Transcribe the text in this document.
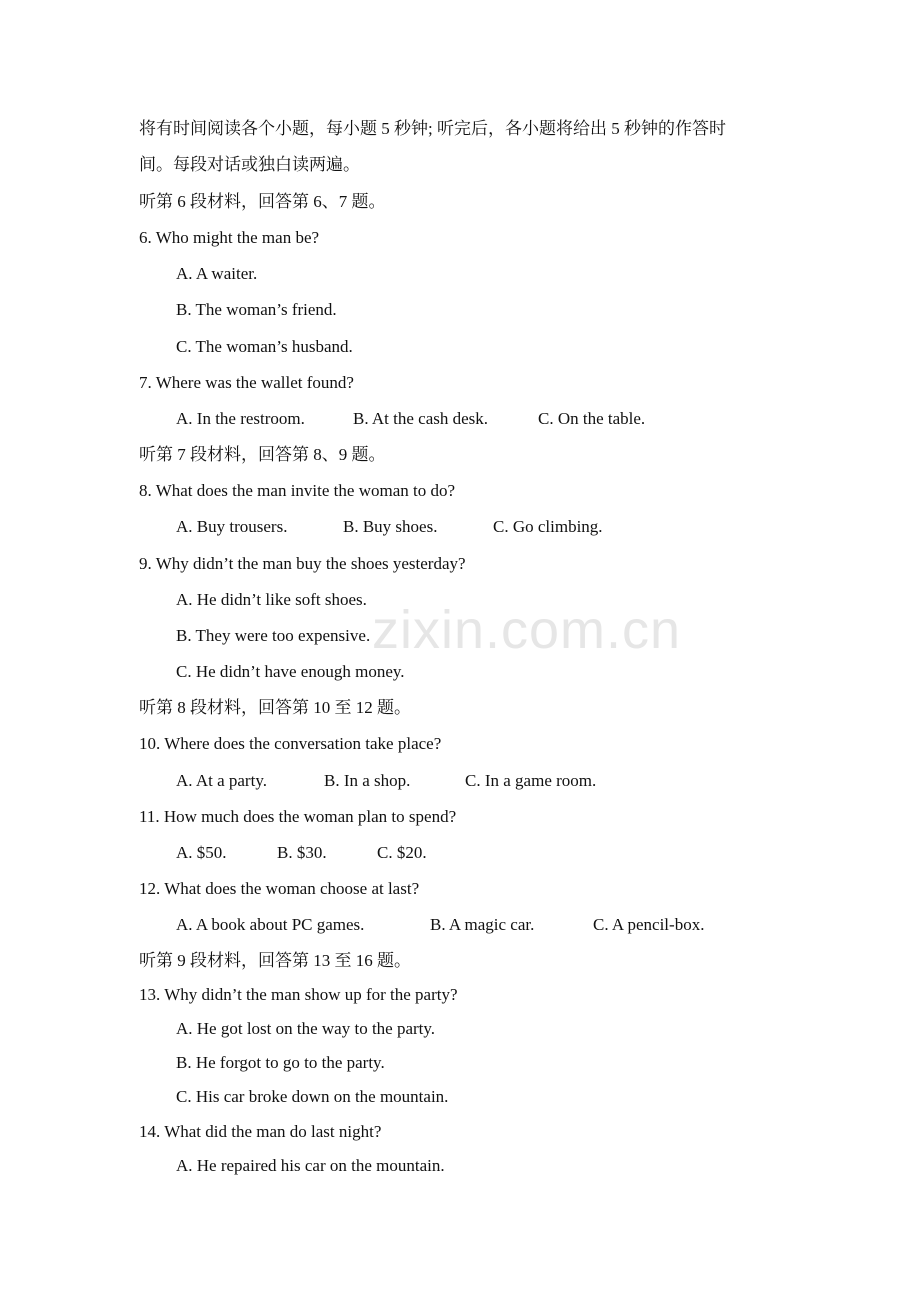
zixin.com.cn
将有时间阅读各个小题，每小题 5 秒钟; 听完后，各小题将给出 5 秒钟的作答时
间。每段对话或独白读两遍。
听第 6 段材料，回答第 6、7 题。
6. Who might the man be?
A. A waiter.
B. The woman’s friend.
C. The woman’s husband.
7. Where was the wallet found?
A. In the restroom.	B. At the cash desk.	C. On the table.
听第 7 段材料，回答第 8、9 题。
8. What does the man invite the woman to do?
A. Buy trousers.	B. Buy shoes.	C. Go climbing.
9. Why didn’t the man buy the shoes yesterday?
A. He didn’t like soft shoes.
B. They were too expensive.
C. He didn’t have enough money.
听第 8 段材料，回答第 10 至 12 题。
10. Where does the conversation take place?
A. At a party.	B. In a shop.	C. In a game room.
11. How much does the woman plan to spend?
A. $50.	B. $30.	C. $20.
12. What does the woman choose at last?
A. A book about PC games.	B. A magic car.	C. A pencil-box.
听第 9 段材料，回答第 13 至 16 题。
13. Why didn’t the man show up for the party?
A. He got lost on the way to the party.
B. He forgot to go to the party.
C. His car broke down on the mountain.
14. What did the man do last night?
A. He repaired his car on the mountain.
